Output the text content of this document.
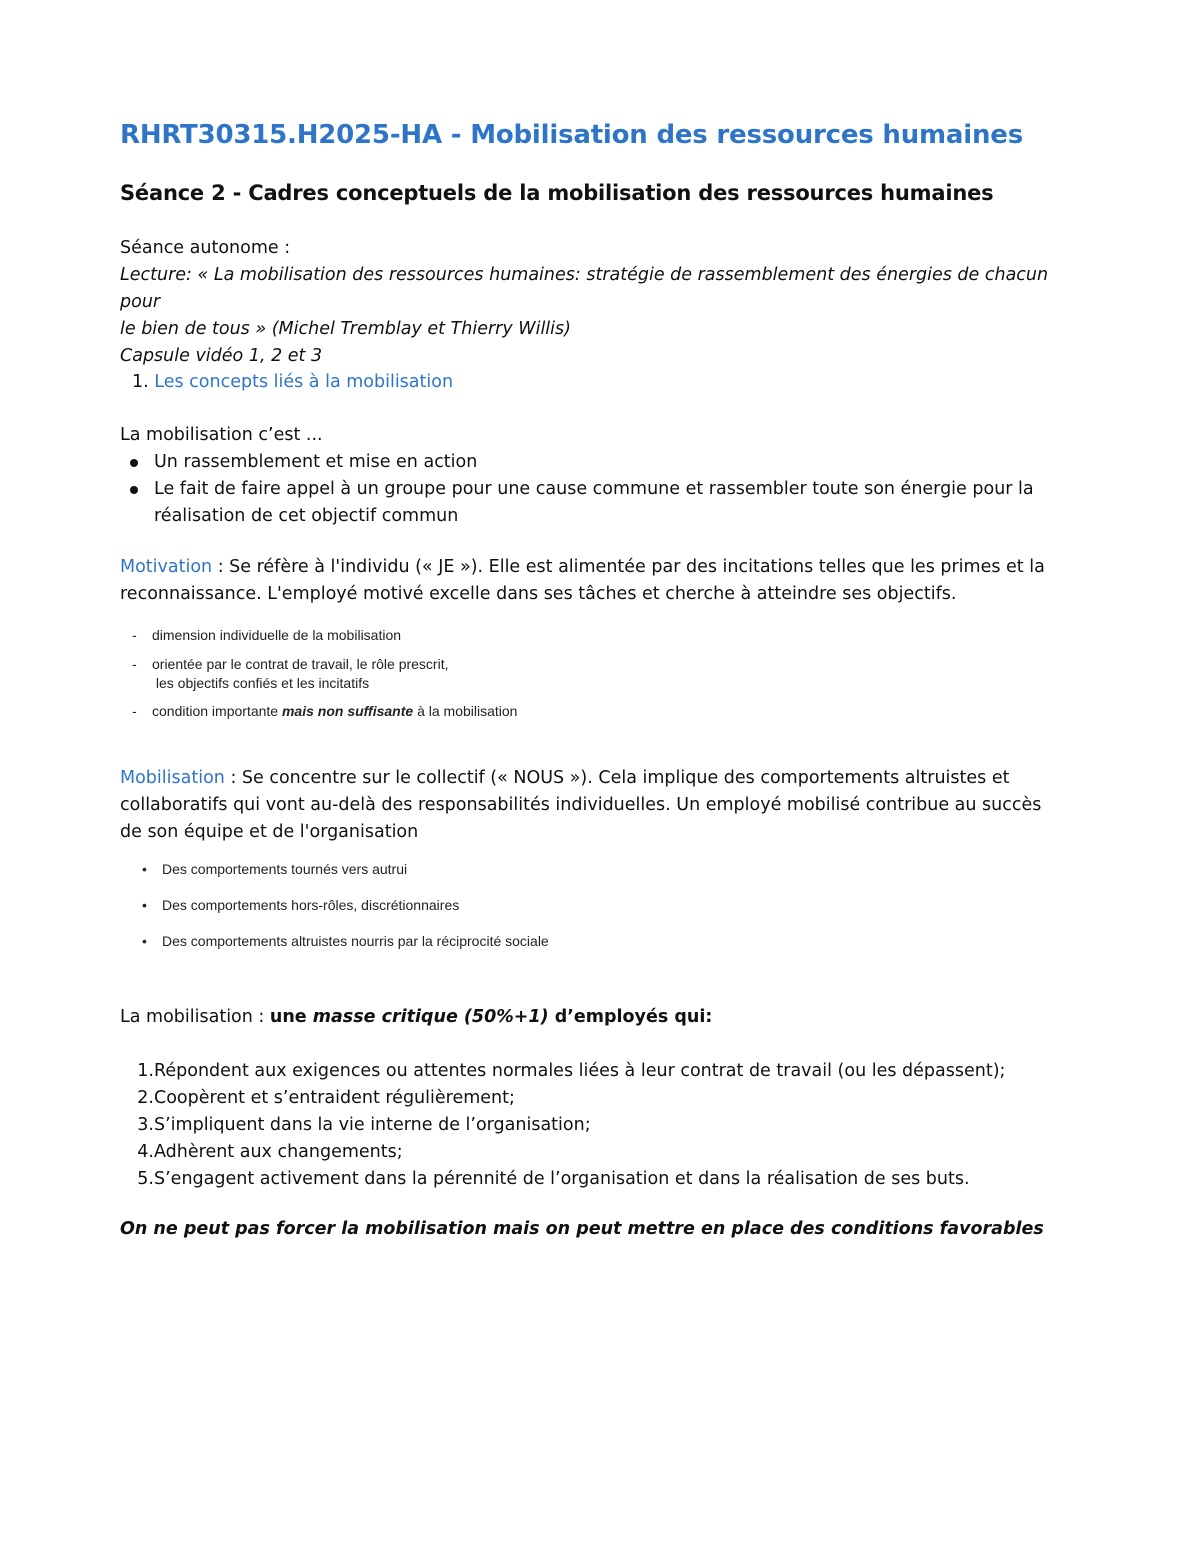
RHRT30315.H2025-HA - Mobilisation des ressources humaines
Séance 2 - Cadres conceptuels de la mobilisation des ressources humaines
Séance autonome :
Lecture: « La mobilisation des ressources humaines: stratégie de rassemblement des énergies de chacun pour
le bien de tous » (Michel Tremblay et Thierry Willis)
Capsule vidéo 1, 2 et 3
1. Les concepts liés à la mobilisation
La mobilisation c’est ...
Un rassemblement et mise en action
Le fait de faire appel à un groupe pour une cause commune et rassembler toute son énergie pour la
réalisation de cet objectif commun
Motivation : Se réfère à l'individu (« JE »). Elle est alimentée par des incitations telles que les primes et la
reconnaissance. L'employé motivé excelle dans ses tâches et cherche à atteindre ses objectifs.
- dimension individuelle de la mobilisation
- orientée par le contrat de travail, le rôle prescrit,
les objectifs confiés et les incitatifs
- condition importante mais non suffisante à la mobilisation
Mobilisation : Se concentre sur le collectif (« NOUS »). Cela implique des comportements altruistes et
collaboratifs qui vont au-delà des responsabilités individuelles. Un employé mobilisé contribue au succès
de son équipe et de l'organisation
• Des comportements tournés vers autrui
• Des comportements hors-rôles, discrétionnaires
• Des comportements altruistes nourris par la réciprocité sociale
La mobilisation : une masse critique (50%+1) d’employés qui:
1. Répondent aux exigences ou attentes normales liées à leur contrat de travail (ou les dépassent);
2. Coopèrent et s’entraident régulièrement;
3. S’impliquent dans la vie interne de l’organisation;
4. Adhèrent aux changements;
5. S’engagent activement dans la pérennité de l’organisation et dans la réalisation de ses buts.
On ne peut pas forcer la mobilisation mais on peut mettre en place des conditions favorables
